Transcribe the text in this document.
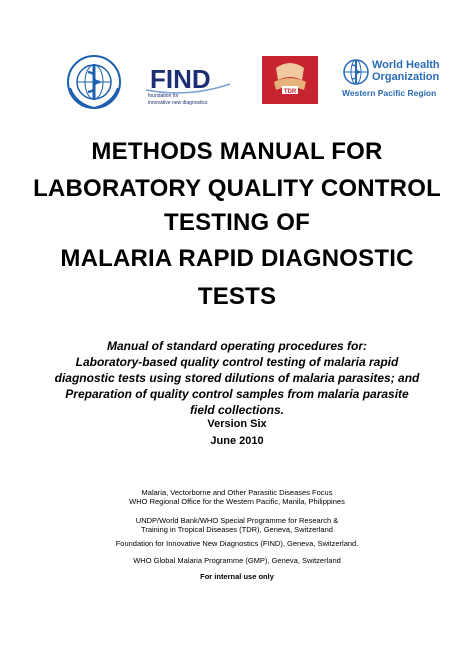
FIND
foundation for
innovative new diagnostics
TDR
World Health
Organization
Western Pacific Region
METHODS MANUAL FOR
LABORATORY QUALITY CONTROL
TESTING OF
MALARIA RAPID DIAGNOSTIC
TESTS
Manual of standard operating procedures for:
Laboratory-based quality control testing of malaria rapid
diagnostic tests using stored dilutions of malaria parasites; and
Preparation of quality control samples from malaria parasite
field collections.
Version Six
June 2010
Malaria, Vectorborne and Other Parasitic Diseases Focus
WHO Regional Office for the Western Pacific, Manila, Philippines
UNDP/World Bank/WHO Special Programme for Research &
Training in Tropical Diseases (TDR), Geneva, Switzerland
Foundation for Innovative New Diagnostics (FIND), Geneva, Switzerland.
WHO Global Malaria Programme (GMP), Geneva, Switzerland
For internal use only
